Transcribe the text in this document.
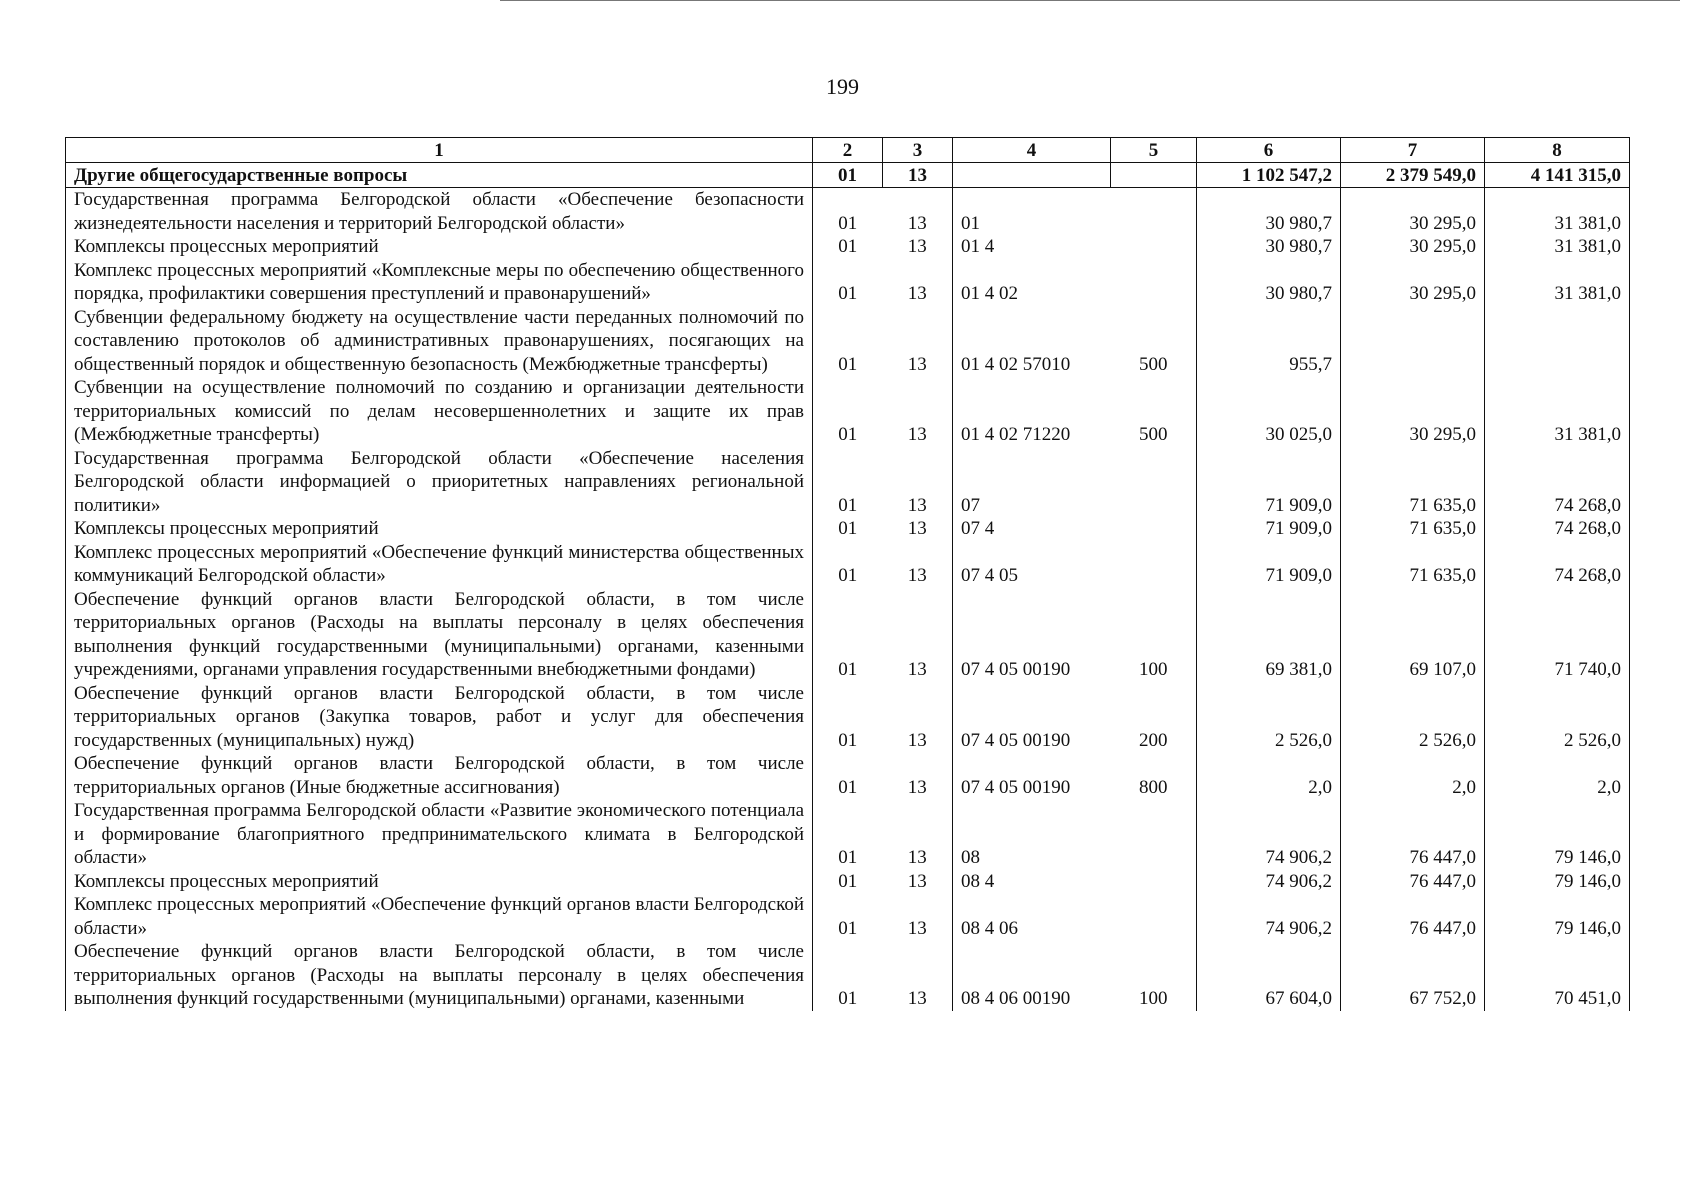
199
1	2	3	4	5	6	7	8
Другие общегосударственные вопросы	01	13			1 102 547,2	2 379 549,0	4 141 315,0
Государственная программа Белгородской области «Обеспечение безопасности жизнедеятельности населения и территорий Белгородской области»	01	13	01		30 980,7	30 295,0	31 381,0
Комплексы процессных мероприятий	01	13	01 4		30 980,7	30 295,0	31 381,0
Комплекс процессных мероприятий «Комплексные меры по обеспечению общественного порядка, профилактики совершения преступлений и правонарушений»	01	13	01 4 02		30 980,7	30 295,0	31 381,0
Субвенции федеральному бюджету на осуществление части переданных полномочий по составлению протоколов об административных правонарушениях, посягающих на общественный порядок и общественную безопасность (Межбюджетные трансферты)	01	13	01 4 02 57010	500	955,7		
Субвенции на осуществление полномочий по созданию и организации деятельности территориальных комиссий по делам несовершеннолетних и защите их прав (Межбюджетные трансферты)	01	13	01 4 02 71220	500	30 025,0	30 295,0	31 381,0
Государственная программа Белгородской области «Обеспечение населения Белгородской области информацией о приоритетных направлениях региональной политики»	01	13	07		71 909,0	71 635,0	74 268,0
Комплексы процессных мероприятий	01	13	07 4		71 909,0	71 635,0	74 268,0
Комплекс процессных мероприятий «Обеспечение функций министерства общественных коммуникаций Белгородской области»	01	13	07 4 05		71 909,0	71 635,0	74 268,0
Обеспечение функций органов власти Белгородской области, в том числе территориальных органов (Расходы на выплаты персоналу в целях обеспечения выполнения функций государственными (муниципальными) органами, казенными учреждениями, органами управления государственными внебюджетными фондами)	01	13	07 4 05 00190	100	69 381,0	69 107,0	71 740,0
Обеспечение функций органов власти Белгородской области, в том числе территориальных органов (Закупка товаров, работ и услуг для обеспечения государственных (муниципальных) нужд)	01	13	07 4 05 00190	200	2 526,0	2 526,0	2 526,0
Обеспечение функций органов власти Белгородской области, в том числе территориальных органов (Иные бюджетные ассигнования)	01	13	07 4 05 00190	800	2,0	2,0	2,0
Государственная программа Белгородской области «Развитие экономического потенциала и формирование благоприятного предпринимательского климата в Белгородской области»	01	13	08		74 906,2	76 447,0	79 146,0
Комплексы процессных мероприятий	01	13	08 4		74 906,2	76 447,0	79 146,0
Комплекс процессных мероприятий «Обеспечение функций органов власти Белгородской области»	01	13	08 4 06		74 906,2	76 447,0	79 146,0
Обеспечение функций органов власти Белгородской области, в том числе территориальных органов (Расходы на выплаты персоналу в целях обеспечения выполнения функций государственными (муниципальными) органами, казенными	01	13	08 4 06 00190	100	67 604,0	67 752,0	70 451,0
